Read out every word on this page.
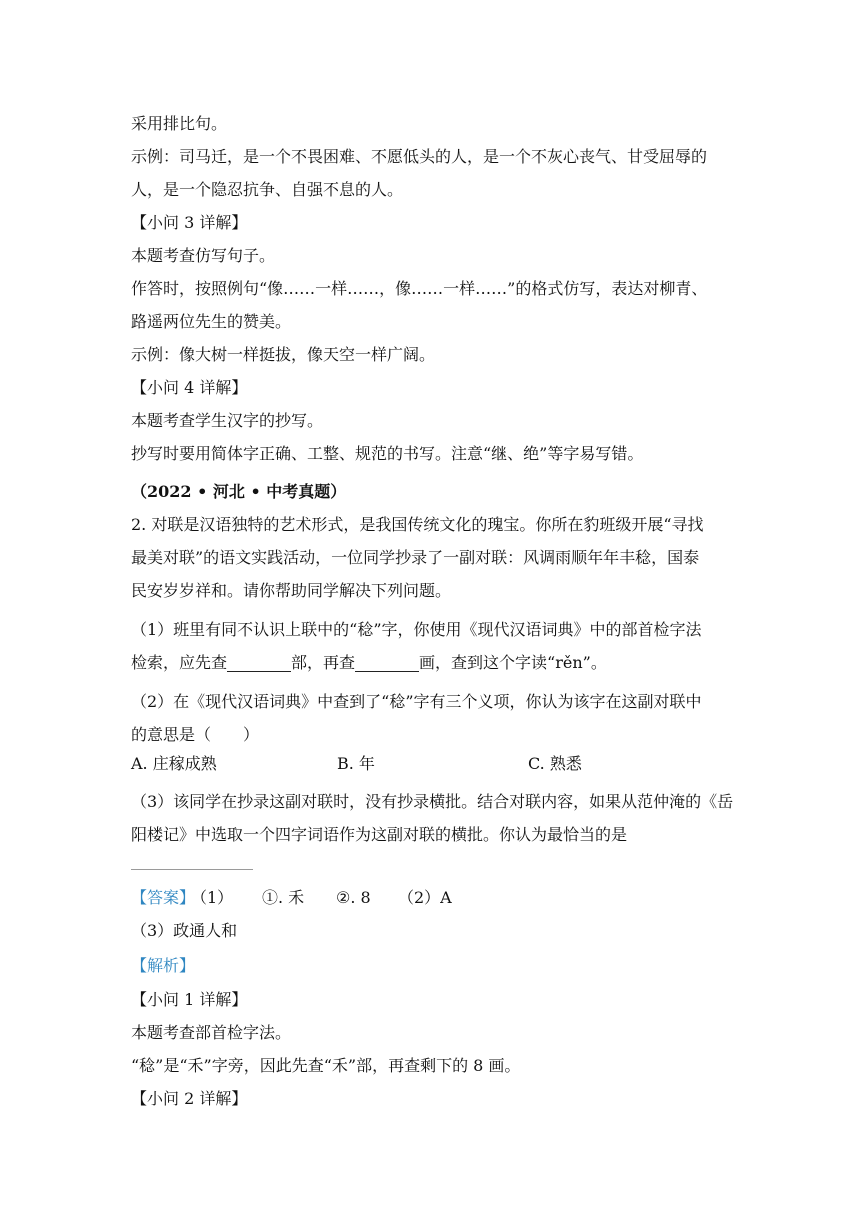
采用排比句。
示例：司马迁，是一个不畏困难、不愿低头的人，是一个不灰心丧气、甘受屈辱的
人，是一个隐忍抗争、自强不息的人。
【小问 3 详解】
本题考查仿写句子。
作答时，按照例句“像……一样……，像……一样……”的格式仿写，表达对柳青、
路遥两位先生的赞美。
示例：像大树一样挺拔，像天空一样广阔。
【小问 4 详解】
本题考查学生汉字的抄写。
抄写时要用简体字正确、工整、规范的书写。注意“继、绝”等字易写错。
（2022 • 河北 • 中考真题）
2. 对联是汉语独特的艺术形式，是我国传统文化的瑰宝。你所在豹班级开展“寻找
最美对联”的语文实践活动，一位同学抄录了一副对联：风调雨顺年年丰稔，国泰
民安岁岁祥和。请你帮助同学解决下列问题。
（1）班里有同不认识上联中的“稔”字，你使用《现代汉语词典》中的部首检字法
检索，应先查	部，再查	画，查到这个字读“rěn”。
（2）在《现代汉语词典》中查到了“稔”字有三个义项，你认为该字在这副对联中
的意思是（　　）
A. 庄稼成熟	B. 年	C. 熟悉
（3）该同学在抄录这副对联时，没有抄录横批。结合对联内容，如果从范仲淹的《岳
阳楼记》中选取一个四字词语作为这副对联的横批。你认为最恰当的是
【答案】
（1） ①. 禾 ②. 8 （2）A
（3）政通人和
【解析】
【小问 1 详解】
本题考查部首检字法。
“稔”是“禾”字旁，因此先查“禾”部，再查剩下的 8 画。
【小问 2 详解】
